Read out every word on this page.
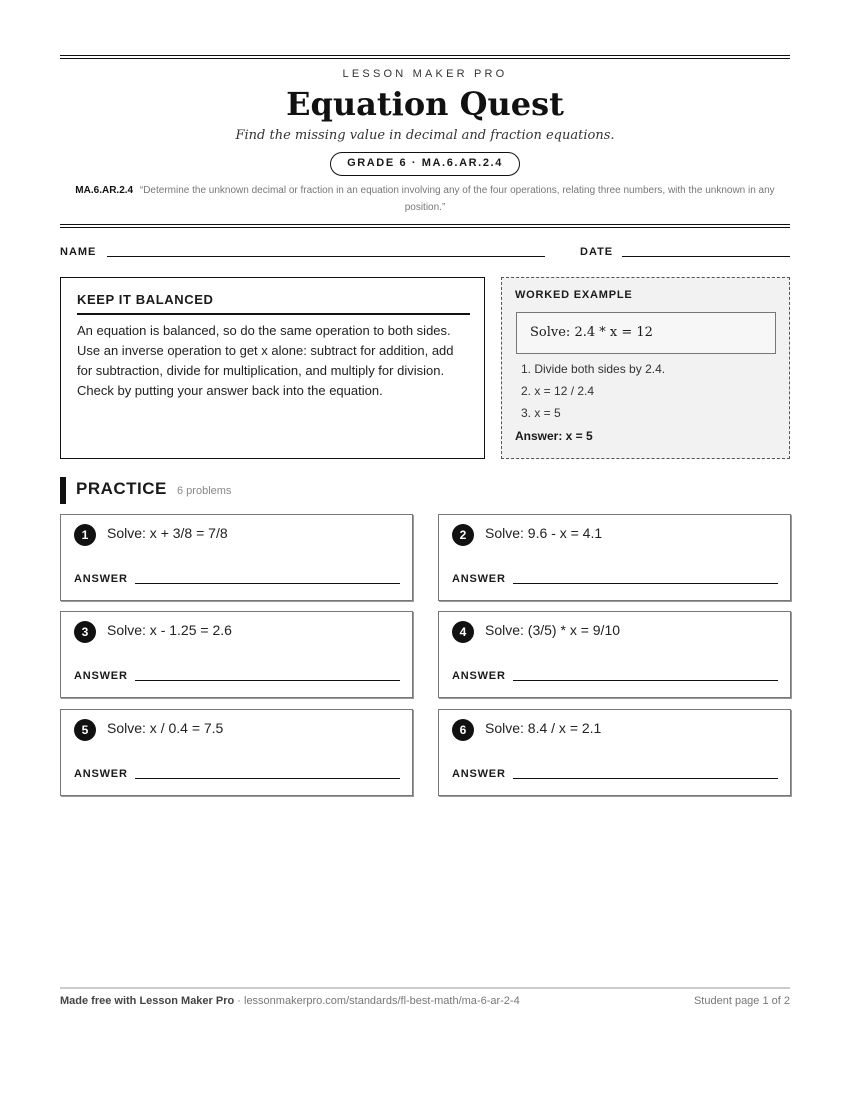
LESSON MAKER PRO
Equation Quest
Find the missing value in decimal and fraction equations.
GRADE 6 · MA.6.AR.2.4
MA.6.AR.2.4 “Determine the unknown decimal or fraction in an equation involving any of the four operations, relating three numbers, with the unknown in any position.”
NAME	DATE
KEEP IT BALANCED

An equation is balanced, so do the same operation to both sides. Use an inverse operation to get x alone: subtract for addition, add for subtraction, divide for multiplication, and multiply for division. Check by putting your answer back into the equation.

WORKED EXAMPLE
Solve: 2.4 * x = 12
1. Divide both sides by 2.4.
2. x = 12 / 2.4
3. x = 5
Answer: x = 5
PRACTICE 6 problems
1	Solve: x + 3/8 = 7/8
ANSWER
2	Solve: 9.6 - x = 4.1
ANSWER
3	Solve: x - 1.25 = 2.6
ANSWER
4	Solve: (3/5) * x = 9/10
ANSWER
5	Solve: x / 0.4 = 7.5
ANSWER
6	Solve: 8.4 / x = 2.1
ANSWER
Made free with Lesson Maker Pro · lessonmakerpro.com/standards/fl-best-math/ma-6-ar-2-4	Student page 1 of 2
